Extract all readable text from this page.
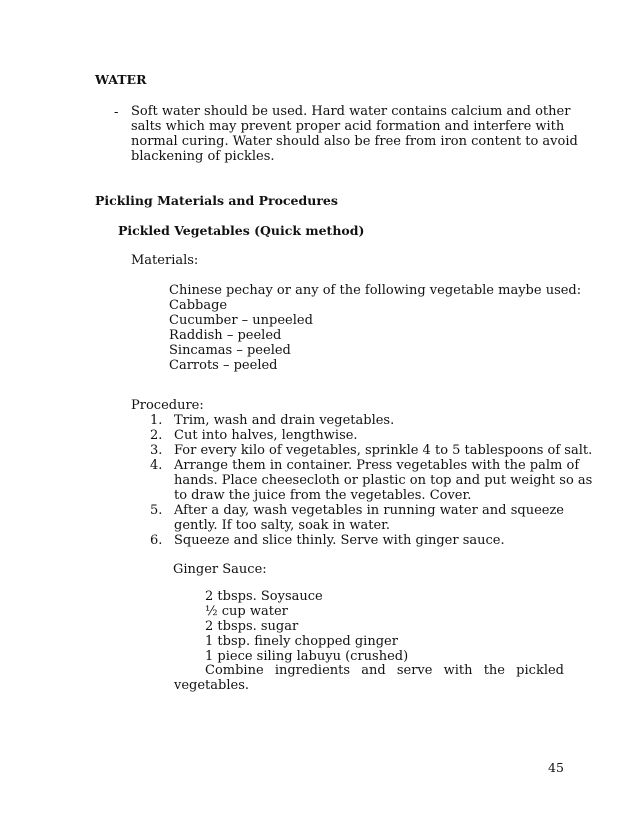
WATER
- Soft water should be used. Hard water contains calcium and other
salts which may prevent proper acid formation and interfere with
normal curing. Water should also be free from iron content to avoid
blackening of pickles.
Pickling Materials and Procedures
Pickled Vegetables (Quick method)
Materials:
Chinese pechay or any of the following vegetable maybe used:
Cabbage
Cucumber – unpeeled
Raddish – peeled
Sincamas – peeled
Carrots – peeled
Procedure:
1. Trim, wash and drain vegetables.
2. Cut into halves, lengthwise.
3. For every kilo of vegetables, sprinkle 4 to 5 tablespoons of salt.
4. Arrange them in container. Press vegetables with the palm of
hands. Place cheesecloth or plastic on top and put weight so as
to draw the juice from the vegetables. Cover.
5. After a day, wash vegetables in running water and squeeze
gently. If too salty, soak in water.
6. Squeeze and slice thinly. Serve with ginger sauce.
Ginger Sauce:
2 tbsps. Soysauce
½ cup water
2 tbsps. sugar
1 tbsp. finely chopped ginger
1 piece siling labuyu (crushed)
Combine ingredients and serve with the pickled
vegetables.
45
